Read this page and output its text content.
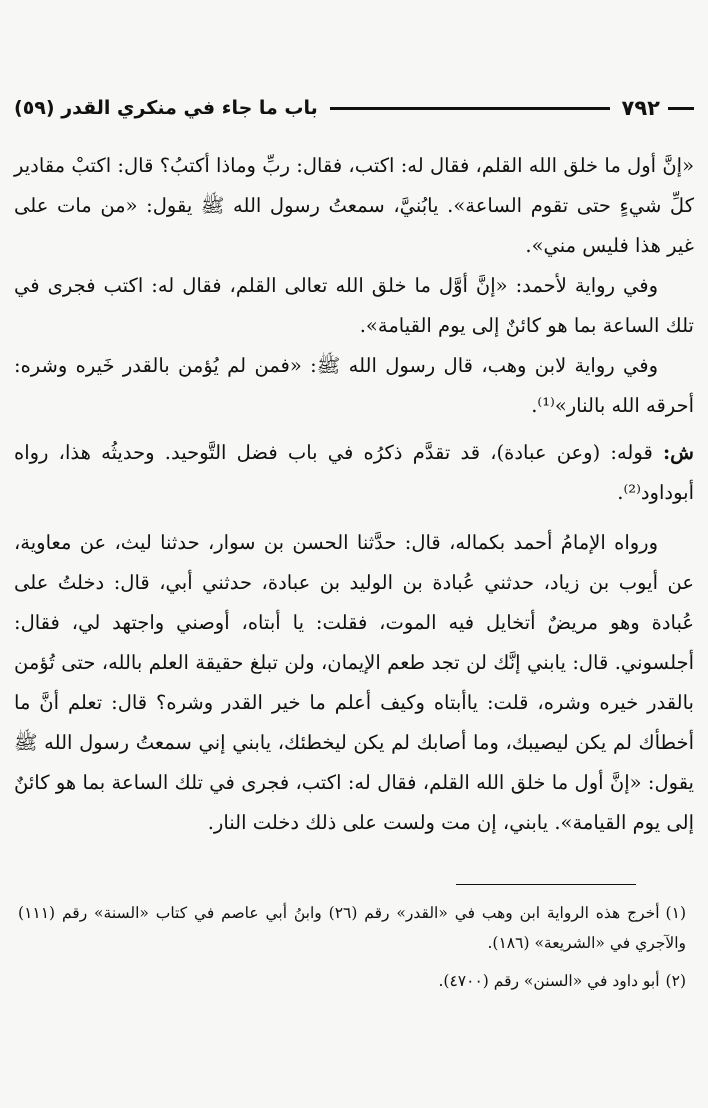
٧٩٢
باب ما جاء في منكري القدر (٥٩)

«إنَّ أول ما خلق الله القلم، فقال له: اكتب، فقال: ربِّ وماذا أكتبُ؟ قال: اكتبْ مقادير كلِّ شيءٍ حتى تقوم الساعة». يابُنيَّ، سمعتُ رسول الله ﷺ يقول: «من مات على غير هذا فليس مني».

وفي رواية لأحمد: «إنَّ أوَّل ما خلق الله تعالى القلم، فقال له: اكتب فجرى في تلك الساعة بما هو كائنٌ إلى يوم القيامة».

وفي رواية لابن وهب، قال رسول الله ﷺ: «فمن لم يُؤمن بالقدر خَيره وشره: أحرقه الله بالنار»⁽¹⁾.

ش: قوله: (وعن عبادة)، قد تقدَّم ذكرُه في باب فضل التَّوحيد. وحديثُه هذا، رواه أبوداود⁽²⁾.

ورواه الإمامُ أحمد بكماله، قال: حدَّثنا الحسن بن سوار، حدثنا ليث، عن معاوية، عن أيوب بن زياد، حدثني عُبادة بن الوليد بن عبادة، حدثني أبي، قال: دخلتُ على عُبادة وهو مريضٌ أتخايل فيه الموت، فقلت: يا أبتاه، أوصني واجتهد لي، فقال: أجلسوني. قال: يابني إنَّك لن تجد طعم الإيمان، ولن تبلغ حقيقة العلم بالله، حتى تُؤمن بالقدر خيره وشره، قلت: ياأبتاه وكيف أعلم ما خير القدر وشره؟ قال: تعلم أنَّ ما أخطأك لم يكن ليصيبك، وما أصابك لم يكن ليخطئك، يابني إني سمعتُ رسول الله ﷺ يقول: «إنَّ أول ما خلق الله القلم، فقال له: اكتب، فجرى في تلك الساعة بما هو كائنٌ إلى يوم القيامة». يابني، إن مت ولست على ذلك دخلت النار.

(١)أخرج هذه الرواية ابن وهب في «القدر» رقم (٢٦) وابنُ أبي عاصم في كتاب «السنة» رقم (١١١) والآجري في «الشريعة» (١٨٦).

(٢)أبو داود في «السنن» رقم (٤٧٠٠).
